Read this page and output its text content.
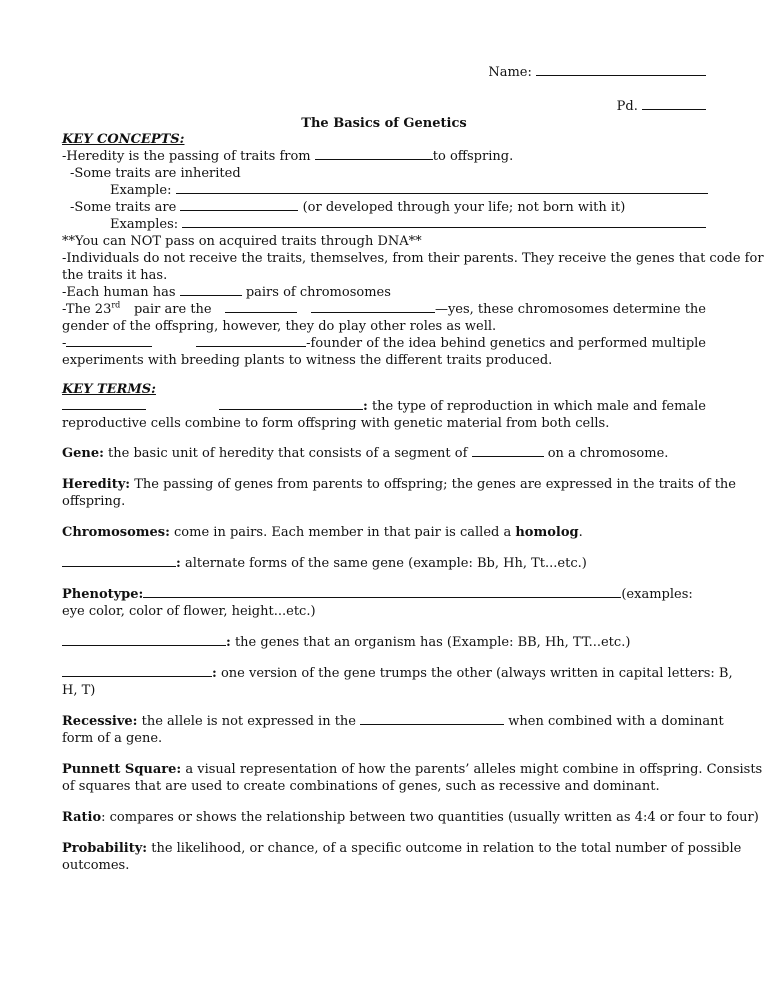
Name:
Pd.
The Basics of Genetics
KEY CONCEPTS:
-Heredity is the passing of traits from	to offspring.
-Some traits are inherited
Example:
-Some traits are	(or developed through your life; not born with it)
Examples:
**You can NOT pass on acquired traits through DNA**
-Individuals do not receive the traits, themselves, from their parents. They receive the genes that code for
the traits it has.
-Each human has	pairs of chromosomes
-The 23rd pair are the	—yes, these chromosomes determine the
gender of the offspring, however, they do play other roles as well.
-	-founder of the idea behind genetics and performed multiple
experiments with breeding plants to witness the different traits produced.
KEY TERMS:
: the type of reproduction in which male and female
reproductive cells combine to form offspring with genetic material from both cells.
Gene: the basic unit of heredity that consists of a segment of	on a chromosome.
Heredity: The passing of genes from parents to offspring; the genes are expressed in the traits of the
offspring.
Chromosomes: come in pairs. Each member in that pair is called a homolog.
: alternate forms of the same gene (example: Bb, Hh, Tt...etc.)
Phenotype:	(examples:
eye color, color of flower, height...etc.)
: the genes that an organism has (Example: BB, Hh, TT...etc.)
: one version of the gene trumps the other (always written in capital letters: B,
H, T)
Recessive: the allele is not expressed in the	when combined with a dominant
form of a gene.
Punnett Square: a visual representation of how the parents’ alleles might combine in offspring. Consists
of squares that are used to create combinations of genes, such as recessive and dominant.
Ratio: compares or shows the relationship between two quantities (usually written as 4:4 or four to four)
Probability: the likelihood, or chance, of a specific outcome in relation to the total number of possible
outcomes.
